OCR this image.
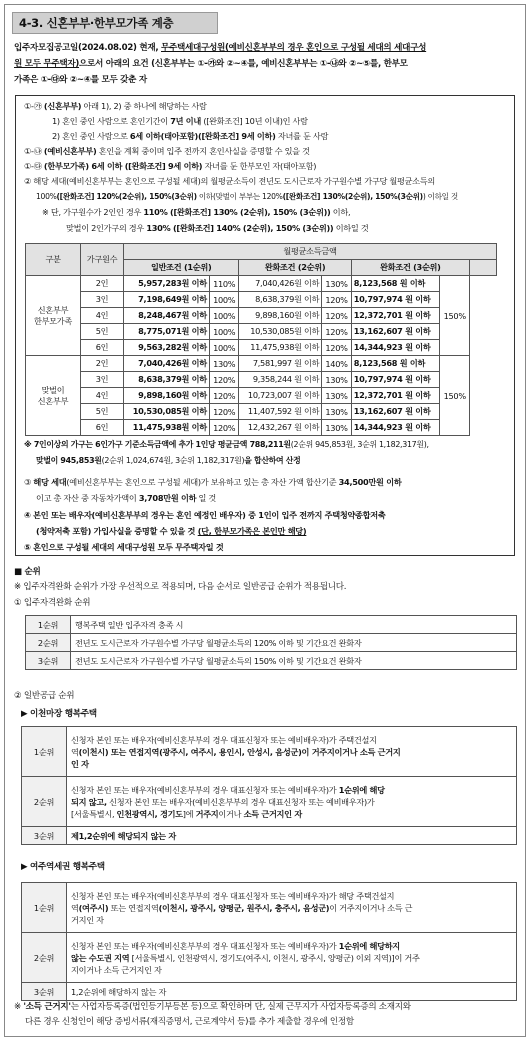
4-3. 신혼부부·한부모가족 계층
입주자모집공고일(2024.08.02) 현재, 무주택세대구성원(예비신혼부부의 경우 혼인으로 구성될 세대의 세대구성
원 모두 무주택자)으로서 아래의 요건 (신혼부부는 ①-㉮와 ②~④를, 예비신혼부부는 ①-㉯와 ②~⑤를, 한부모
가족은 ①-㉰와 ②~④를 모두 갖춘 자
①-㉮ (신혼부부) 아래 1), 2) 중 하나에 해당하는 사람
1) 혼인 중인 사람으로 혼인기간이 7년 이내 ([완화조건] 10년 이내)인 사람
2) 혼인 중인 사람으로 6세 이하(태아포함)([완화조건] 9세 이하) 자녀를 둔 사람
①-㉯ (예비신혼부부) 혼인을 계획 중이며 입주 전까지 혼인사실을 증명할 수 있을 것
①-㉰ (한부모가족) 6세 이하 ([완화조건] 9세 이하) 자녀를 둔 한부모인 자(태아포함)
② 해당 세대(예비신혼부부는 혼인으로 구성될 세대)의 월평균소득이 전년도 도시근로자 가구원수별 가구당 월평균소득의
100%([완화조건] 120%(2순위), 150%(3순위) 이하(맞벌이 부부는 120%([완화조건] 130%(2순위), 150%(3순위)) 이하일 것
※ 단, 가구원수가 2인인 경우 110% ([완화조건] 130% (2순위), 150% (3순위)) 이하,
맞벌이 2인가구의 경우 130% ([완화조건] 140% (2순위), 150% (3순위)) 이하일 것
※ 7인이상의 가구는 6인가구 기준소득금액에 추가 1인당 평균금액 788,211원(2순위 945,853원, 3순위 1,182,317원),
맞벌이 945,853원(2순위 1,024,674원, 3순위 1,182,317원)을 합산하여 산정
③ 해당 세대(예비신혼부부는 혼인으로 구성될 세대)가 보유하고 있는 총 자산 가액 합산기준 34,500만원 이하
이고 총 자산 중 자동차가액이 3,708만원 이하 일 것
④ 본인 또는 배우자(예비신혼부부의 경우는 혼인 예정인 배우자) 중 1인이 입주 전까지 주택청약종합저축
(청약저축 포함) 가입사실을 증명할 수 있을 것 (단, 한부모가족은 본인만 해당)
⑤ 혼인으로 구성될 세대의 세대구성원 모두 무주택자일 것
구분	가구원수	월평균소득금액						
		일반조건 (1순위)		완화조건 (2순위)		완화조건 (3순위)		
신혼부부
한부모가족	2인	5,957,283원 이하	110%	7,040,426원 이하	130%	8,123,568 원 이하	150%	
	3인	7,198,649원 이하	100%	8,638,379원 이하	120%	10,797,974 원 이하		
	4인	8,248,467원 이하	100%	9,898,160원 이하	120%	12,372,701 원 이하		
	5인	8,775,071원 이하	100%	10,530,085원 이하	120%	13,162,607 원 이하		
	6인	9,563,282원 이하	100%	11,475,938원 이하	120%	14,344,923 원 이하		
맞벌이
신혼부부	2인	7,040,426원 이하	130%	7,581,997 원 이하	140%	8,123,568 원 이하	150%	
	3인	8,638,379원 이하	120%	9,358,244 원 이하	130%	10,797,974 원 이하		
	4인	9,898,160원 이하	120%	10,723,007 원 이하	130%	12,372,701 원 이하		
	5인	10,530,085원 이하	120%	11,407,592 원 이하	130%	13,162,607 원 이하		
	6인	11,475,938원 이하	120%	12,432,267 원 이하	130%	14,344,923 원 이하		
■ 순위
※ 입주자격완화 순위가 가장 우선적으로 적용되며, 다음 순서로 일반공급 순위가 적용됩니다.
① 입주자격완화 순위
1순위	행복주택 일반 입주자격 충족 시
2순위	전년도 도시근로자 가구원수별 가구당 월평균소득의 120% 이하 및 기간요건 완화자
3순위	전년도 도시근로자 가구원수별 가구당 월평균소득의 150% 이하 및 기간요건 완화자
② 일반공급 순위
▶ 이천마장 행복주택
1순위	신청자 본인 또는 배우자(예비신혼부부의 경우 대표신청자 또는 예비배우자)가 주택건설지
역(이천시) 또는 연접지역(광주시, 여주시, 용인시, 안성시, 음성군)이 거주지이거나 소득 근거지
인 자
2순위	신청자 본인 또는 배우자(예비신혼부부의 경우 대표신청자 또는 예비배우자)가 1순위에 해당
되지 않고, 신청자 본인 또는 배우자(예비신혼부부의 경우 대표신청자 또는 예비배우자)가
[서울특별시, 인천광역시, 경기도]에 거주지이거나 소득 근거지인 자
3순위	제1,2순위에 해당되지 않는 자
▶ 여주역세권 행복주택
1순위	신청자 본인 또는 배우자(예비신혼부부의 경우 대표신청자 또는 예비배우자)가 해당 주택건설지
역(여주시) 또는 연접지역(이천시, 광주시, 양평군, 원주시, 충주시, 음성군)이 거주지이거나 소득 근
거지인 자
2순위	신청자 본인 또는 배우자(예비신혼부부의 경우 대표신청자 또는 예비배우자)가 1순위에 해당하지
않는 수도권 지역 [서울특별시, 인천광역시, 경기도(여주시, 이천시, 광주시, 양평군) 이외 지역)]이 거주
지이거나 소득 근거지인 자
3순위	1,2순위에 해당하지 않는 자
※ '소득 근거지'는 사업자등록증(법인등기부등본 등)으로 확인하며 단, 실제 근무지가 사업자등록증의 소재지와
다른 경우 신청인이 해당 증빙서류(재직증명서, 근로계약서 등)를 추가 제출할 경우에 인정함
